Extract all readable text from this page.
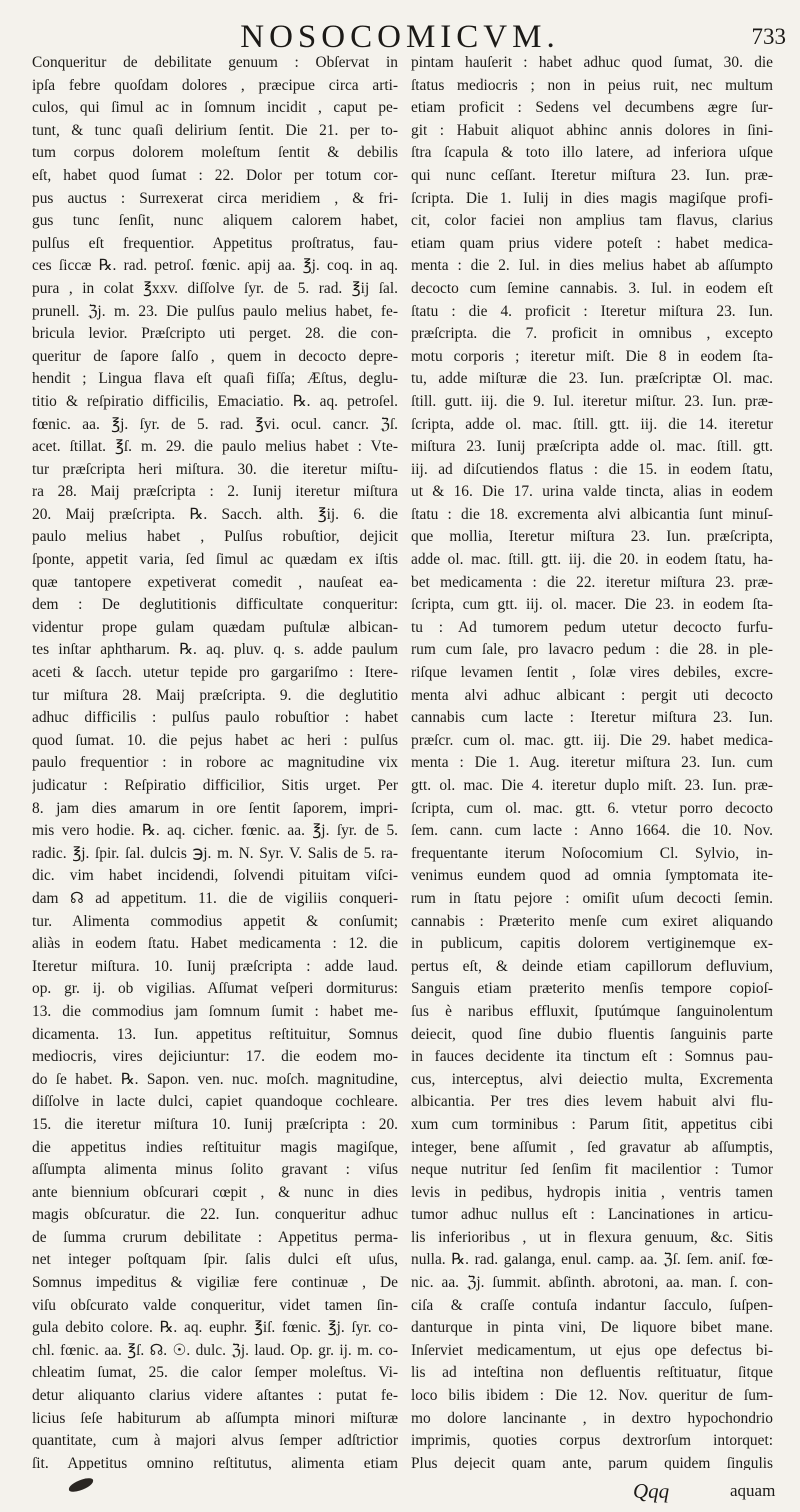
NOSOCOMICVM.	733
Conqueritur de debilitate genuum : Obſervat in
ipſa febre quoſdam dolores , præcipue circa arti-
culos, qui ſimul ac in ſomnum incidit , caput pe-
tunt, & tunc quaſi delirium ſentit. Die 21. per to-
tum corpus dolorem moleſtum ſentit & debilis
eſt, habet quod ſumat : 22. Dolor per totum cor-
pus auctus : Surrexerat circa meridiem , & fri-
gus tunc ſenſit, nunc aliquem calorem habet,
pulſus eſt frequentior. Appetitus proſtratus, fau-
ces ſiccæ ℞. rad. petroſ. fœnic. apij aa. ℥j. coq. in aq.
pura , in colat ℥xxv. diſſolve ſyr. de 5. rad. ℥ij ſal.
prunell. ℨj. m. 23. Die pulſus paulo melius habet, fe-
bricula levior. Præſcripto uti perget. 28. die con-
queritur de ſapore ſalſo , quem in decocto depre-
hendit ; Lingua flava eſt quaſi fiſſa; Æſtus, deglu-
titio & reſpiratio difficilis, Emaciatio. ℞. aq. petroſel.
fœnic. aa. ℥j. ſyr. de 5. rad. ℥vi. ocul. cancr. ℨſ.
acet. ſtillat. ℥ſ. m. 29. die paulo melius habet : Vte-
tur præſcripta heri miſtura. 30. die iteretur miſtu-
ra 28. Maij præſcripta : 2. Iunij iteretur miſtura
20. Maij præſcripta. ℞. Sacch. alth. ℥ij. 6. die
paulo melius habet , Pulſus robuſtior, dejicit
ſponte, appetit varia, ſed ſimul ac quædam ex iſtis
quæ tantopere expetiverat comedit , nauſeat ea-
dem : De deglutitionis difficultate conqueritur:
videntur prope gulam quædam puſtulæ albican-
tes inſtar aphtharum. ℞. aq. pluv. q. s. adde paulum
aceti & ſacch. utetur tepide pro gargariſmo : Itere-
tur miſtura 28. Maij præſcripta. 9. die deglutitio
adhuc difficilis : pulſus paulo robuſtior : habet
quod ſumat. 10. die pejus habet ac heri : pulſus
paulo frequentior : in robore ac magnitudine vix
judicatur : Reſpiratio difficilior, Sitis urget. Per
8. jam dies amarum in ore ſentit ſaporem, impri-
mis vero hodie. ℞. aq. cicher. fœnic. aa. ℥j. ſyr. de 5.
radic. ℥j. ſpir. ſal. dulcis ℈j. m. N. Syr. V. Salis de 5. ra-
dic. vim habet incidendi, ſolvendi pituitam viſci-
dam ☊ ad appetitum. 11. die de vigiliis conqueri-
tur. Alimenta commodius appetit & conſumit;
aliàs in eodem ſtatu. Habet medicamenta : 12. die
Iteretur miſtura. 10. Iunij præſcripta : adde laud.
op. gr. ij. ob vigilias. Aſſumat veſperi dormiturus:
13. die commodius jam ſomnum ſumit : habet me-
dicamenta. 13. Iun. appetitus reſtituitur, Somnus
mediocris, vires dejiciuntur: 17. die eodem mo-
do ſe habet. ℞. Sapon. ven. nuc. moſch. magnitudine,
diſſolve in lacte dulci, capiet quandoque cochleare.
15. die iteretur miſtura 10. Iunij præſcripta : 20.
die appetitus indies reſtituitur magis magiſque,
aſſumpta alimenta minus ſolito gravant : viſus
ante biennium obſcurari cœpit , & nunc in dies
magis obſcuratur. die 22. Iun. conqueritur adhuc
de ſumma crurum debilitate : Appetitus perma-
net integer poſtquam ſpir. ſalis dulci eſt uſus,
Somnus impeditus & vigiliæ fere continuæ , De
viſu obſcurato valde conqueritur, videt tamen ſin-
gula debito colore. ℞. aq. euphr. ℥iſ. fœnic. ℥j. ſyr. co-
chl. fœnic. aa. ℥ſ. ☊. ☉. dulc. ℨj. laud. Op. gr. ij. m. co-
chleatim ſumat, 25. die calor ſemper moleſtus. Vi-
detur aliquanto clarius videre aſtantes : putat fe-
licius ſeſe habiturum ab aſſumpta minori miſturæ
quantitate, cum à majori alvus ſemper adſtrictior
ſit. Appetitus omnino reſtitutus, alimenta etiam
pintam hauſerit : habet adhuc quod ſumat, 30. die
ſtatus mediocris ; non in peius ruit, nec multum
etiam proficit : Sedens vel decumbens ægre ſur-
git : Habuit aliquot abhinc annis dolores in ſini-
ſtra ſcapula & toto illo latere, ad inferiora uſque
qui nunc ceſſant. Iteretur miſtura 23. Iun. præ-
ſcripta. Die 1. Iulij in dies magis magiſque profi-
cit, color faciei non amplius tam flavus, clarius
etiam quam prius videre poteſt : habet medica-
menta : die 2. Iul. in dies melius habet ab aſſumpto
decocto cum ſemine cannabis. 3. Iul. in eodem eſt
ſtatu : die 4. proficit : Iteretur miſtura 23. Iun.
præſcripta. die 7. proficit in omnibus , excepto
motu corporis ; iteretur miſt. Die 8 in eodem ſta-
tu, adde miſturæ die 23. Iun. præſcriptæ Ol. mac.
ſtill. gutt. iij. die 9. Iul. iteretur miſtur. 23. Iun. præ-
ſcripta, adde ol. mac. ſtill. gtt. iij. die 14. iteretur
miſtura 23. Iunij præſcripta adde ol. mac. ſtill. gtt.
iij. ad diſcutiendos flatus : die 15. in eodem ſtatu,
ut & 16. Die 17. urina valde tincta, alias in eodem
ſtatu : die 18. excrementa alvi albicantia ſunt minuſ-
que mollia, Iteretur miſtura 23. Iun. præſcripta,
adde ol. mac. ſtill. gtt. iij. die 20. in eodem ſtatu, ha-
bet medicamenta : die 22. iteretur miſtura 23. præ-
ſcripta, cum gtt. iij. ol. macer. Die 23. in eodem ſta-
tu : Ad tumorem pedum utetur decocto furfu-
rum cum ſale, pro lavacro pedum : die 28. in ple-
riſque levamen ſentit , ſolæ vires debiles, excre-
menta alvi adhuc albicant : pergit uti decocto
cannabis cum lacte : Iteretur miſtura 23. Iun.
præſcr. cum ol. mac. gtt. iij. Die 29. habet medica-
menta : Die 1. Aug. iteretur miſtura 23. Iun. cum
gtt. ol. mac. Die 4. iteretur duplo miſt. 23. Iun. præ-
ſcripta, cum ol. mac. gtt. 6. vtetur porro decocto
ſem. cann. cum lacte : Anno 1664. die 10. Nov.
frequentante iterum Noſocomium Cl. Sylvio, in-
venimus eundem quod ad omnia ſymptomata ite-
rum in ſtatu pejore : omiſit uſum decocti ſemin.
cannabis : Præterito menſe cum exiret aliquando
in publicum, capitis dolorem vertiginemque ex-
pertus eſt, & deinde etiam capillorum defluvium,
Sanguis etiam præterito menſis tempore copioſ-
ſus è naribus effluxit, ſputúmque ſanguinolentum
deiecit, quod ſine dubio fluentis ſanguinis parte
in fauces decidente ita tinctum eſt : Somnus pau-
cus, interceptus, alvi deiectio multa, Excrementa
albicantia. Per tres dies levem habuit alvi flu-
xum cum torminibus : Parum ſitit, appetitus cibi
integer, bene aſſumit , ſed gravatur ab aſſumptis,
neque nutritur ſed ſenſim fit macilentior : Tumor
levis in pedibus, hydropis initia , ventris tamen
tumor adhuc nullus eſt : Lancinationes in articu-
lis inferioribus , ut in flexura genuum, &c. Sitis
nulla. ℞. rad. galanga, enul. camp. aa. ℨſ. ſem. aniſ. fœ-
nic. aa. ℨj. ſummit. abſinth. abrotoni, aa. man. ſ. con-
ciſa & craſſe contuſa indantur ſacculo, ſuſpen-
danturque in pinta vini, De liquore bibet mane.
Inſerviet medicamentum, ut ejus ope defectus bi-
lis ad inteſtina non defluentis reſtituatur, ſitque
loco bilis ibidem : Die 12. Nov. queritur de ſum-
mo dolore lancinante , in dextro hypochondrio
imprimis, quoties corpus dextrorſum intorquet:
Plus dejecit quam ante, parum quidem ſingulis
Qqq	aquam
